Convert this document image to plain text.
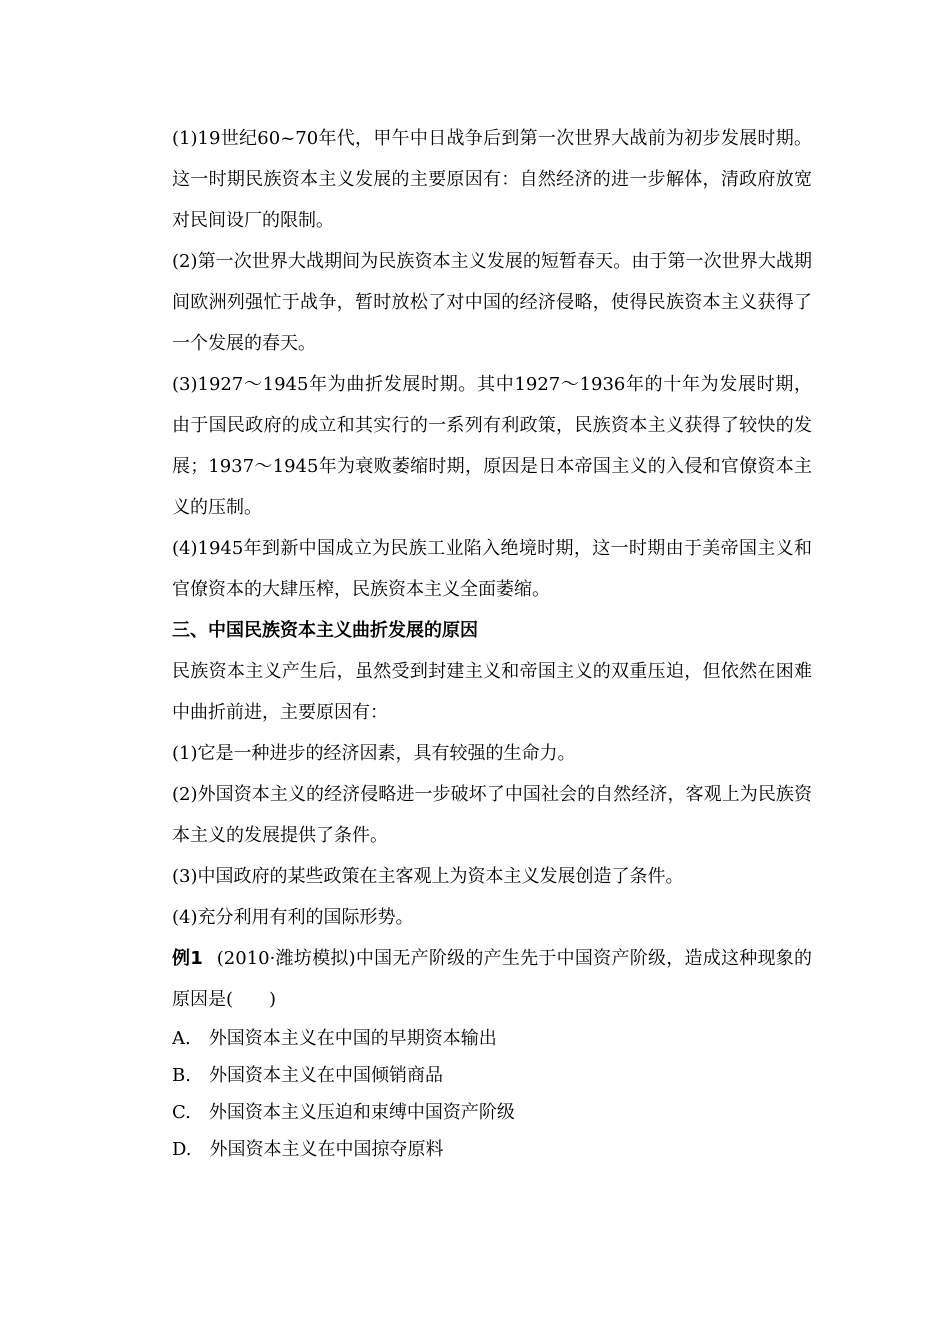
(1)19世纪60~70年代，甲午中日战争后到第一次世界大战前为初步发展时期。这一时期民族资本主义发展的主要原因有：自然经济的进一步解体，清政府放宽对民间设厂的限制。

(2)第一次世界大战期间为民族资本主义发展的短暂春天。由于第一次世界大战期间欧洲列强忙于战争，暂时放松了对中国的经济侵略，使得民族资本主义获得了一个发展的春天。

(3)1927～1945年为曲折发展时期。其中1927～1936年的十年为发展时期，由于国民政府的成立和其实行的一系列有利政策，民族资本主义获得了较快的发展；1937～1945年为衰败萎缩时期，原因是日本帝国主义的入侵和官僚资本主义的压制。

(4)1945年到新中国成立为民族工业陷入绝境时期，这一时期由于美帝国主义和官僚资本的大肆压榨，民族资本主义全面萎缩。

三、中国民族资本主义曲折发展的原因

民族资本主义产生后，虽然受到封建主义和帝国主义的双重压迫，但依然在困难中曲折前进，主要原因有：

(1)它是一种进步的经济因素，具有较强的生命力。

(2)外国资本主义的经济侵略进一步破坏了中国社会的自然经济，客观上为民族资本主义的发展提供了条件。

(3)中国政府的某些政策在主客观上为资本主义发展创造了条件。

(4)充分利用有利的国际形势。

例1 (2010·潍坊模拟)中国无产阶级的产生先于中国资产阶级，造成这种现象的原因是(　　)

A.　外国资本主义在中国的早期资本输出

B.　外国资本主义在中国倾销商品

C.　外国资本主义压迫和束缚中国资产阶级

D.　外国资本主义在中国掠夺原料
